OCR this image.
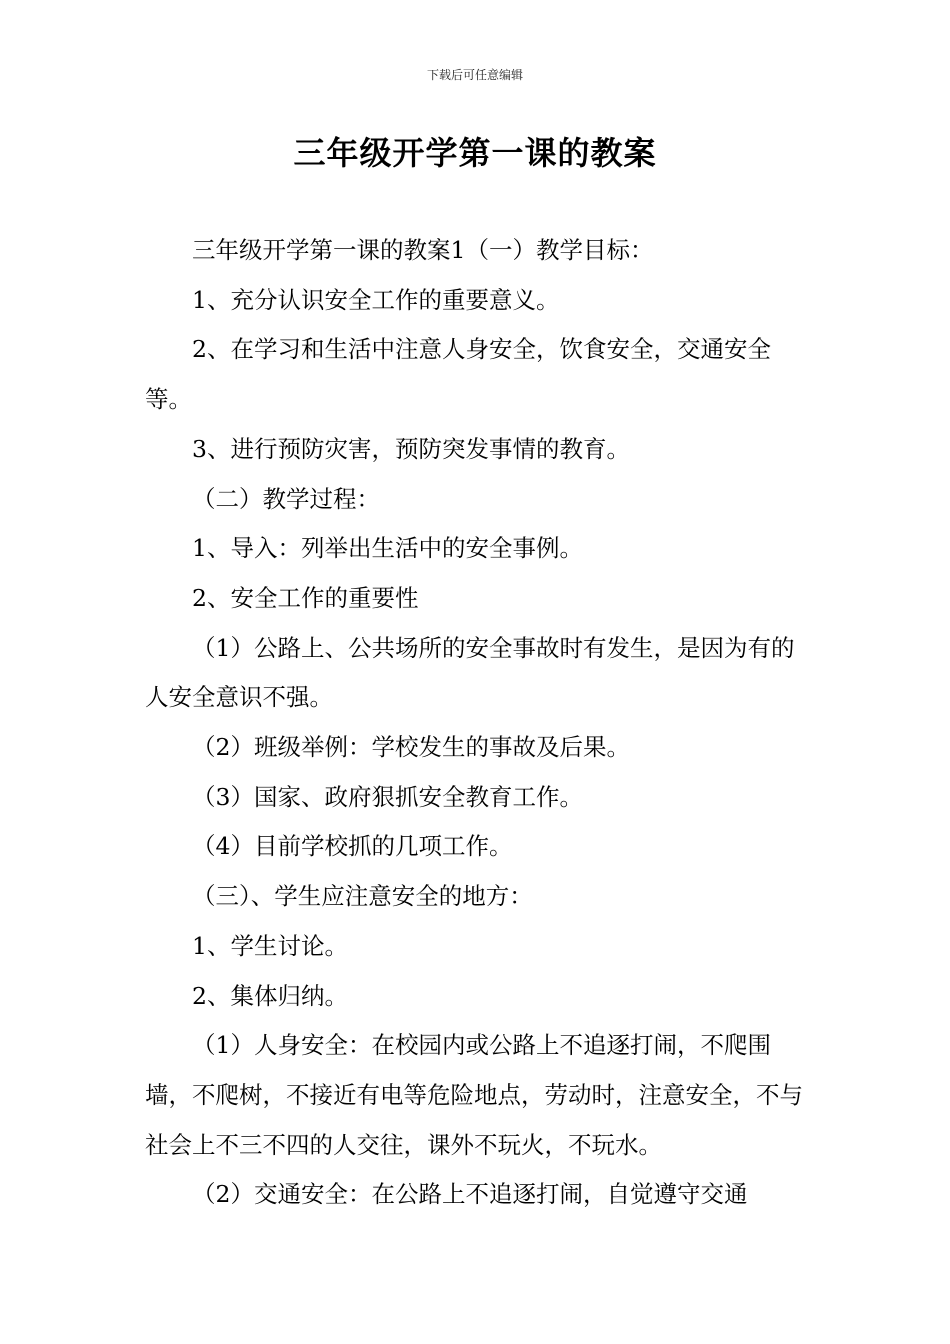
下载后可任意编辑
三年级开学第一课的教案

三年级开学第一课的教案1（一）教学目标：

1、充分认识安全工作的重要意义。

2、在学习和生活中注意人身安全，饮食安全，交通安全等。

3、进行预防灾害，预防突发事情的教育。

（二）教学过程：

1、导入：列举出生活中的安全事例。

2、安全工作的重要性

（1）公路上、公共场所的安全事故时有发生，是因为有的人安全意识不强。

（2）班级举例：学校发生的事故及后果。

（3）国家、政府狠抓安全教育工作。

（4）目前学校抓的几项工作。

（三）、学生应注意安全的地方：

1、学生讨论。

2、集体归纳。

（1）人身安全：在校园内或公路上不追逐打闹，不爬围墙，不爬树，不接近有电等危险地点，劳动时，注意安全，不与社会上不三不四的人交往，课外不玩火，不玩水。

（2）交通安全：在公路上不追逐打闹，自觉遵守交通
